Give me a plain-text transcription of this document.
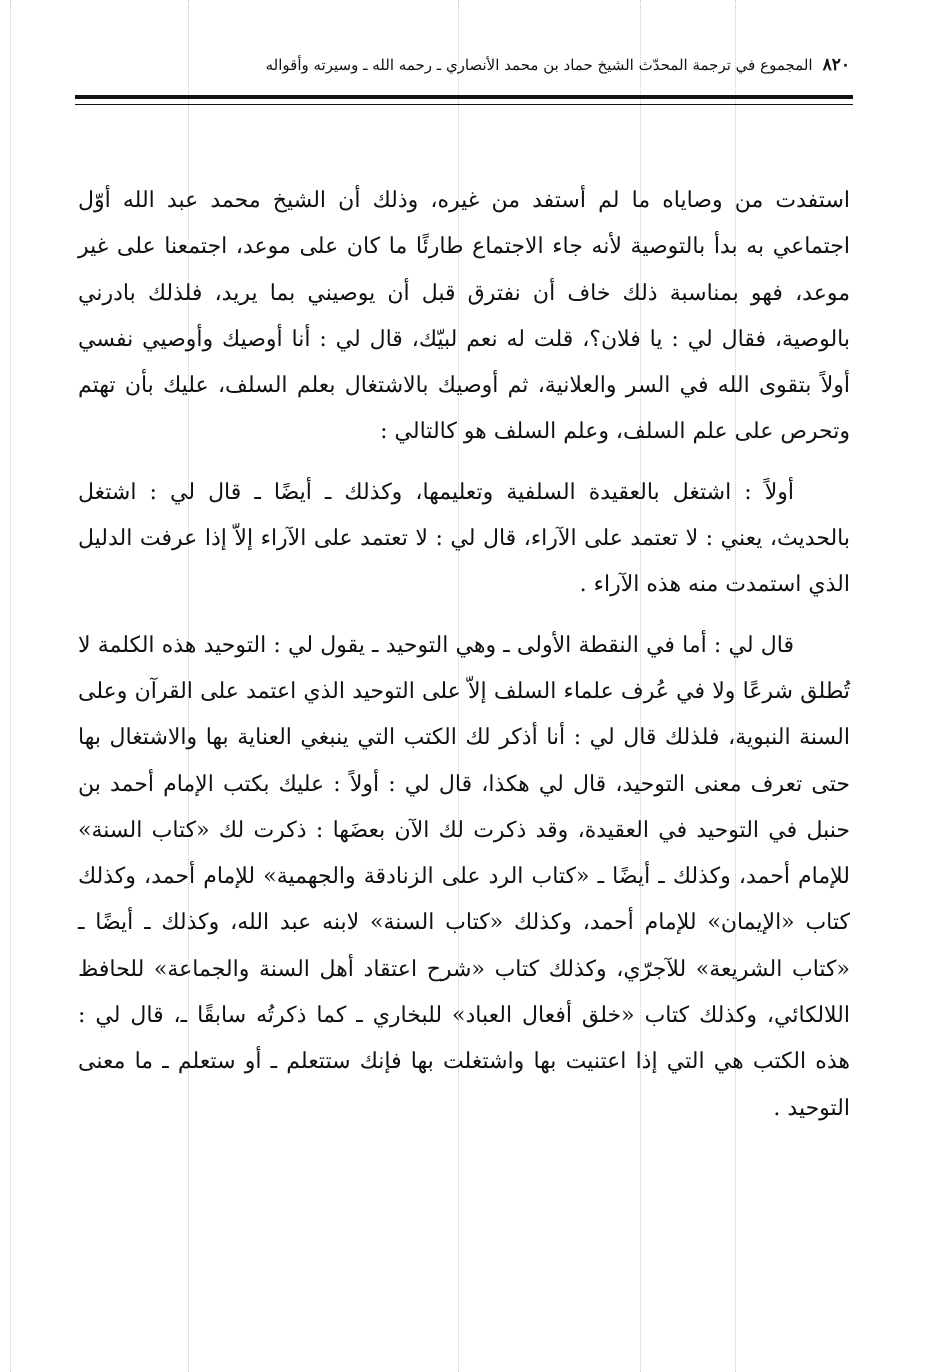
٨٢٠
المجموع في ترجمة المحدّث الشيخ حماد بن محمد الأنصاري ـ رحمه الله ـ وسيرته وأقواله

استفدت من وصاياه ما لم أستفد من غيره، وذلك أن الشيخ محمد عبد الله أوّل اجتماعي به بدأ بالتوصية لأنه جاء الاجتماع طارئًا ما كان على موعد، اجتمعنا على غير موعد، فهو بمناسبة ذلك خاف أن نفترق قبل أن يوصيني بما يريد، فلذلك بادرني بالوصية، فقال لي : يا فلان؟، قلت له نعم لبيّك، قال لي : أنا أوصيك وأوصيي نفسي أولاً بتقوى الله في السر والعلانية، ثم أوصيك بالاشتغال بعلم السلف، عليك بأن تهتم وتحرص على علم السلف، وعلم السلف هو كالتالي :

أولاً : اشتغل بالعقيدة السلفية وتعليمها، وكذلك ـ أيضًا ـ قال لي : اشتغل بالحديث، يعني : لا تعتمد على الآراء، قال لي : لا تعتمد على الآراء إلاّ إذا عرفت الدليل الذي استمدت منه هذه الآراء .

قال لي : أما في النقطة الأولى ـ وهي التوحيد ـ يقول لي : التوحيد هذه الكلمة لا تُطلق شرعًا ولا في عُرف علماء السلف إلاّ على التوحيد الذي اعتمد على القرآن وعلى السنة النبوية، فلذلك قال لي : أنا أذكر لك الكتب التي ينبغي العناية بها والاشتغال بها حتى تعرف معنى التوحيد، قال لي هكذا، قال لي : أولاً : عليك بكتب الإمام أحمد بن حنبل في التوحيد في العقيدة، وقد ذكرت لك الآن بعضَها : ذكرت لك «كتاب السنة» للإمام أحمد، وكذلك ـ أيضًا ـ «كتاب الرد على الزنادقة والجهمية» للإمام أحمد، وكذلك كتاب «الإيمان» للإمام أحمد، وكذلك «كتاب السنة» لابنه عبد الله، وكذلك ـ أيضًا ـ «كتاب الشريعة» للآجرّي، وكذلك كتاب «شرح اعتقاد أهل السنة والجماعة» للحافظ اللالكائي، وكذلك كتاب «خلق أفعال العباد» للبخاري ـ كما ذكرتُه سابقًا ـ، قال لي : هذه الكتب هي التي إذا اعتنيت بها واشتغلت بها فإنك ستتعلم ـ أو ستعلم ـ ما معنى التوحيد .
